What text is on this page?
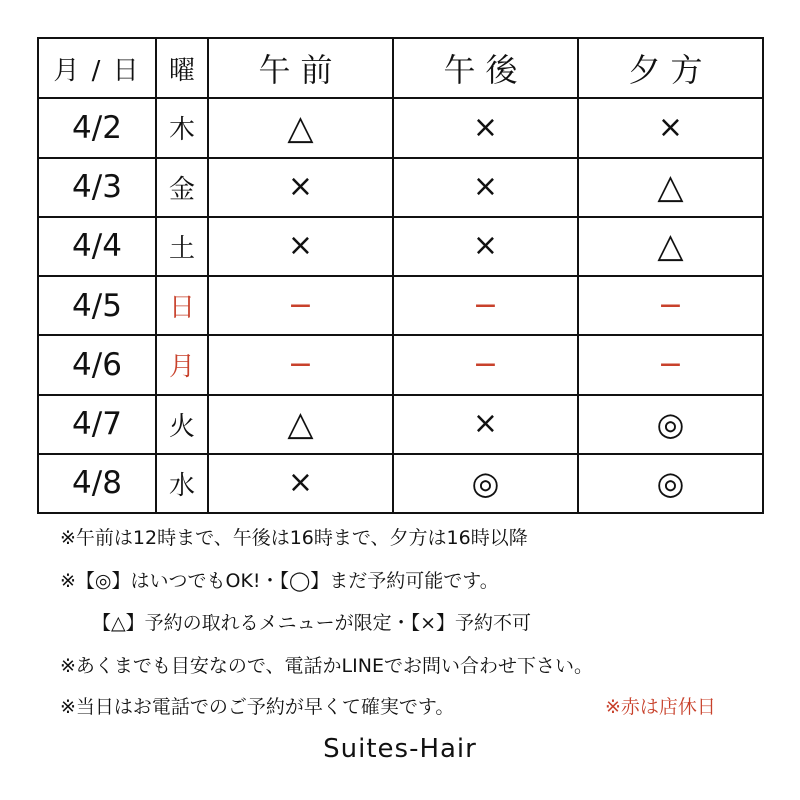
月 / 日	曜	午前	午後	夕方
4/2	木	△	×	×
4/3	金	×	×	△
4/4	土	×	×	△
4/5	日	−	−	−
4/6	月	−	−	−
4/7	火	△	×	◎
4/8	水	×	◎	◎
※午前は12時まで、午後は16時まで、夕方は16時以降
※【◎】はいつでもOK!・【◯】まだ予約可能です。
【△】予約の取れるメニューが限定・【×】予約不可
※あくまでも目安なので、電話かLINEでお問い合わせ下さい。
※当日はお電話でのご予約が早くて確実です。	※赤は店休日
Suites-Hair
